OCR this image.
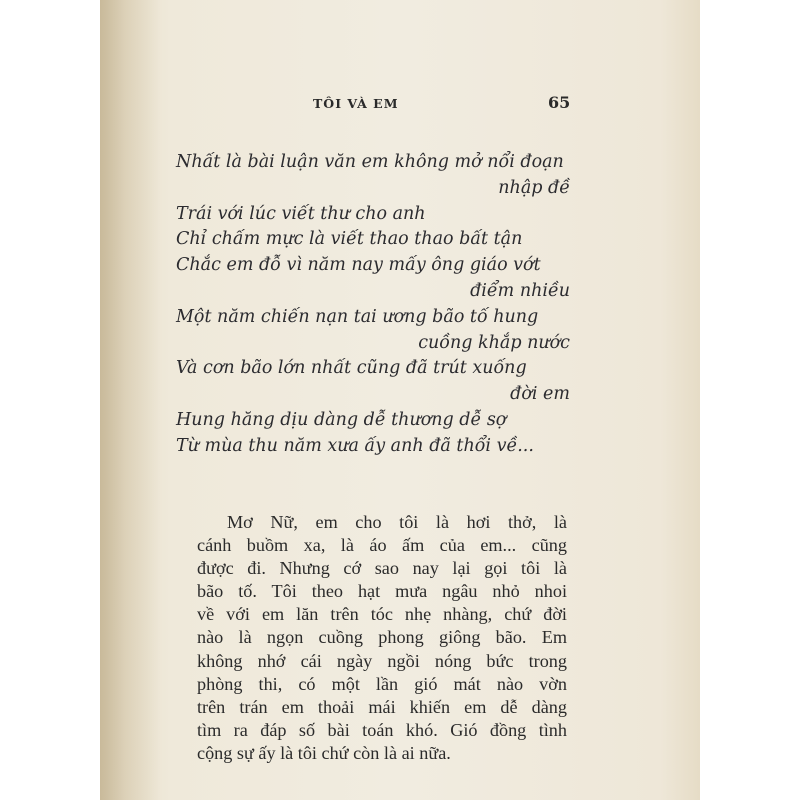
TÔI VÀ EM	65
Nhất là bài luận văn em không mở nổi đoạn
nhập đề
Trái với lúc viết thư cho anh
Chỉ chấm mực là viết thao thao bất tận
Chắc em đỗ vì năm nay mấy ông giáo vớt
điểm nhiều
Một năm chiến nạn tai ương bão tố hung
cuồng khắp nước
Và cơn bão lớn nhất cũng đã trút xuống
đời em
Hung hăng dịu dàng dễ thương dễ sợ
Từ mùa thu năm xưa ấy anh đã thổi về...
Mơ Nữ, em cho tôi là hơi thở, là
cánh buồm xa, là áo ấm của em... cũng
được đi. Nhưng cớ sao nay lại gọi tôi là
bão tố. Tôi theo hạt mưa ngâu nhỏ nhoi
về với em lăn trên tóc nhẹ nhàng, chứ đời
nào là ngọn cuồng phong giông bão. Em
không nhớ cái ngày ngồi nóng bức trong
phòng thi, có một lần gió mát nào vờn
trên trán em thoải mái khiến em dễ dàng
tìm ra đáp số bài toán khó. Gió đồng tình
cộng sự ấy là tôi chứ còn là ai nữa.
